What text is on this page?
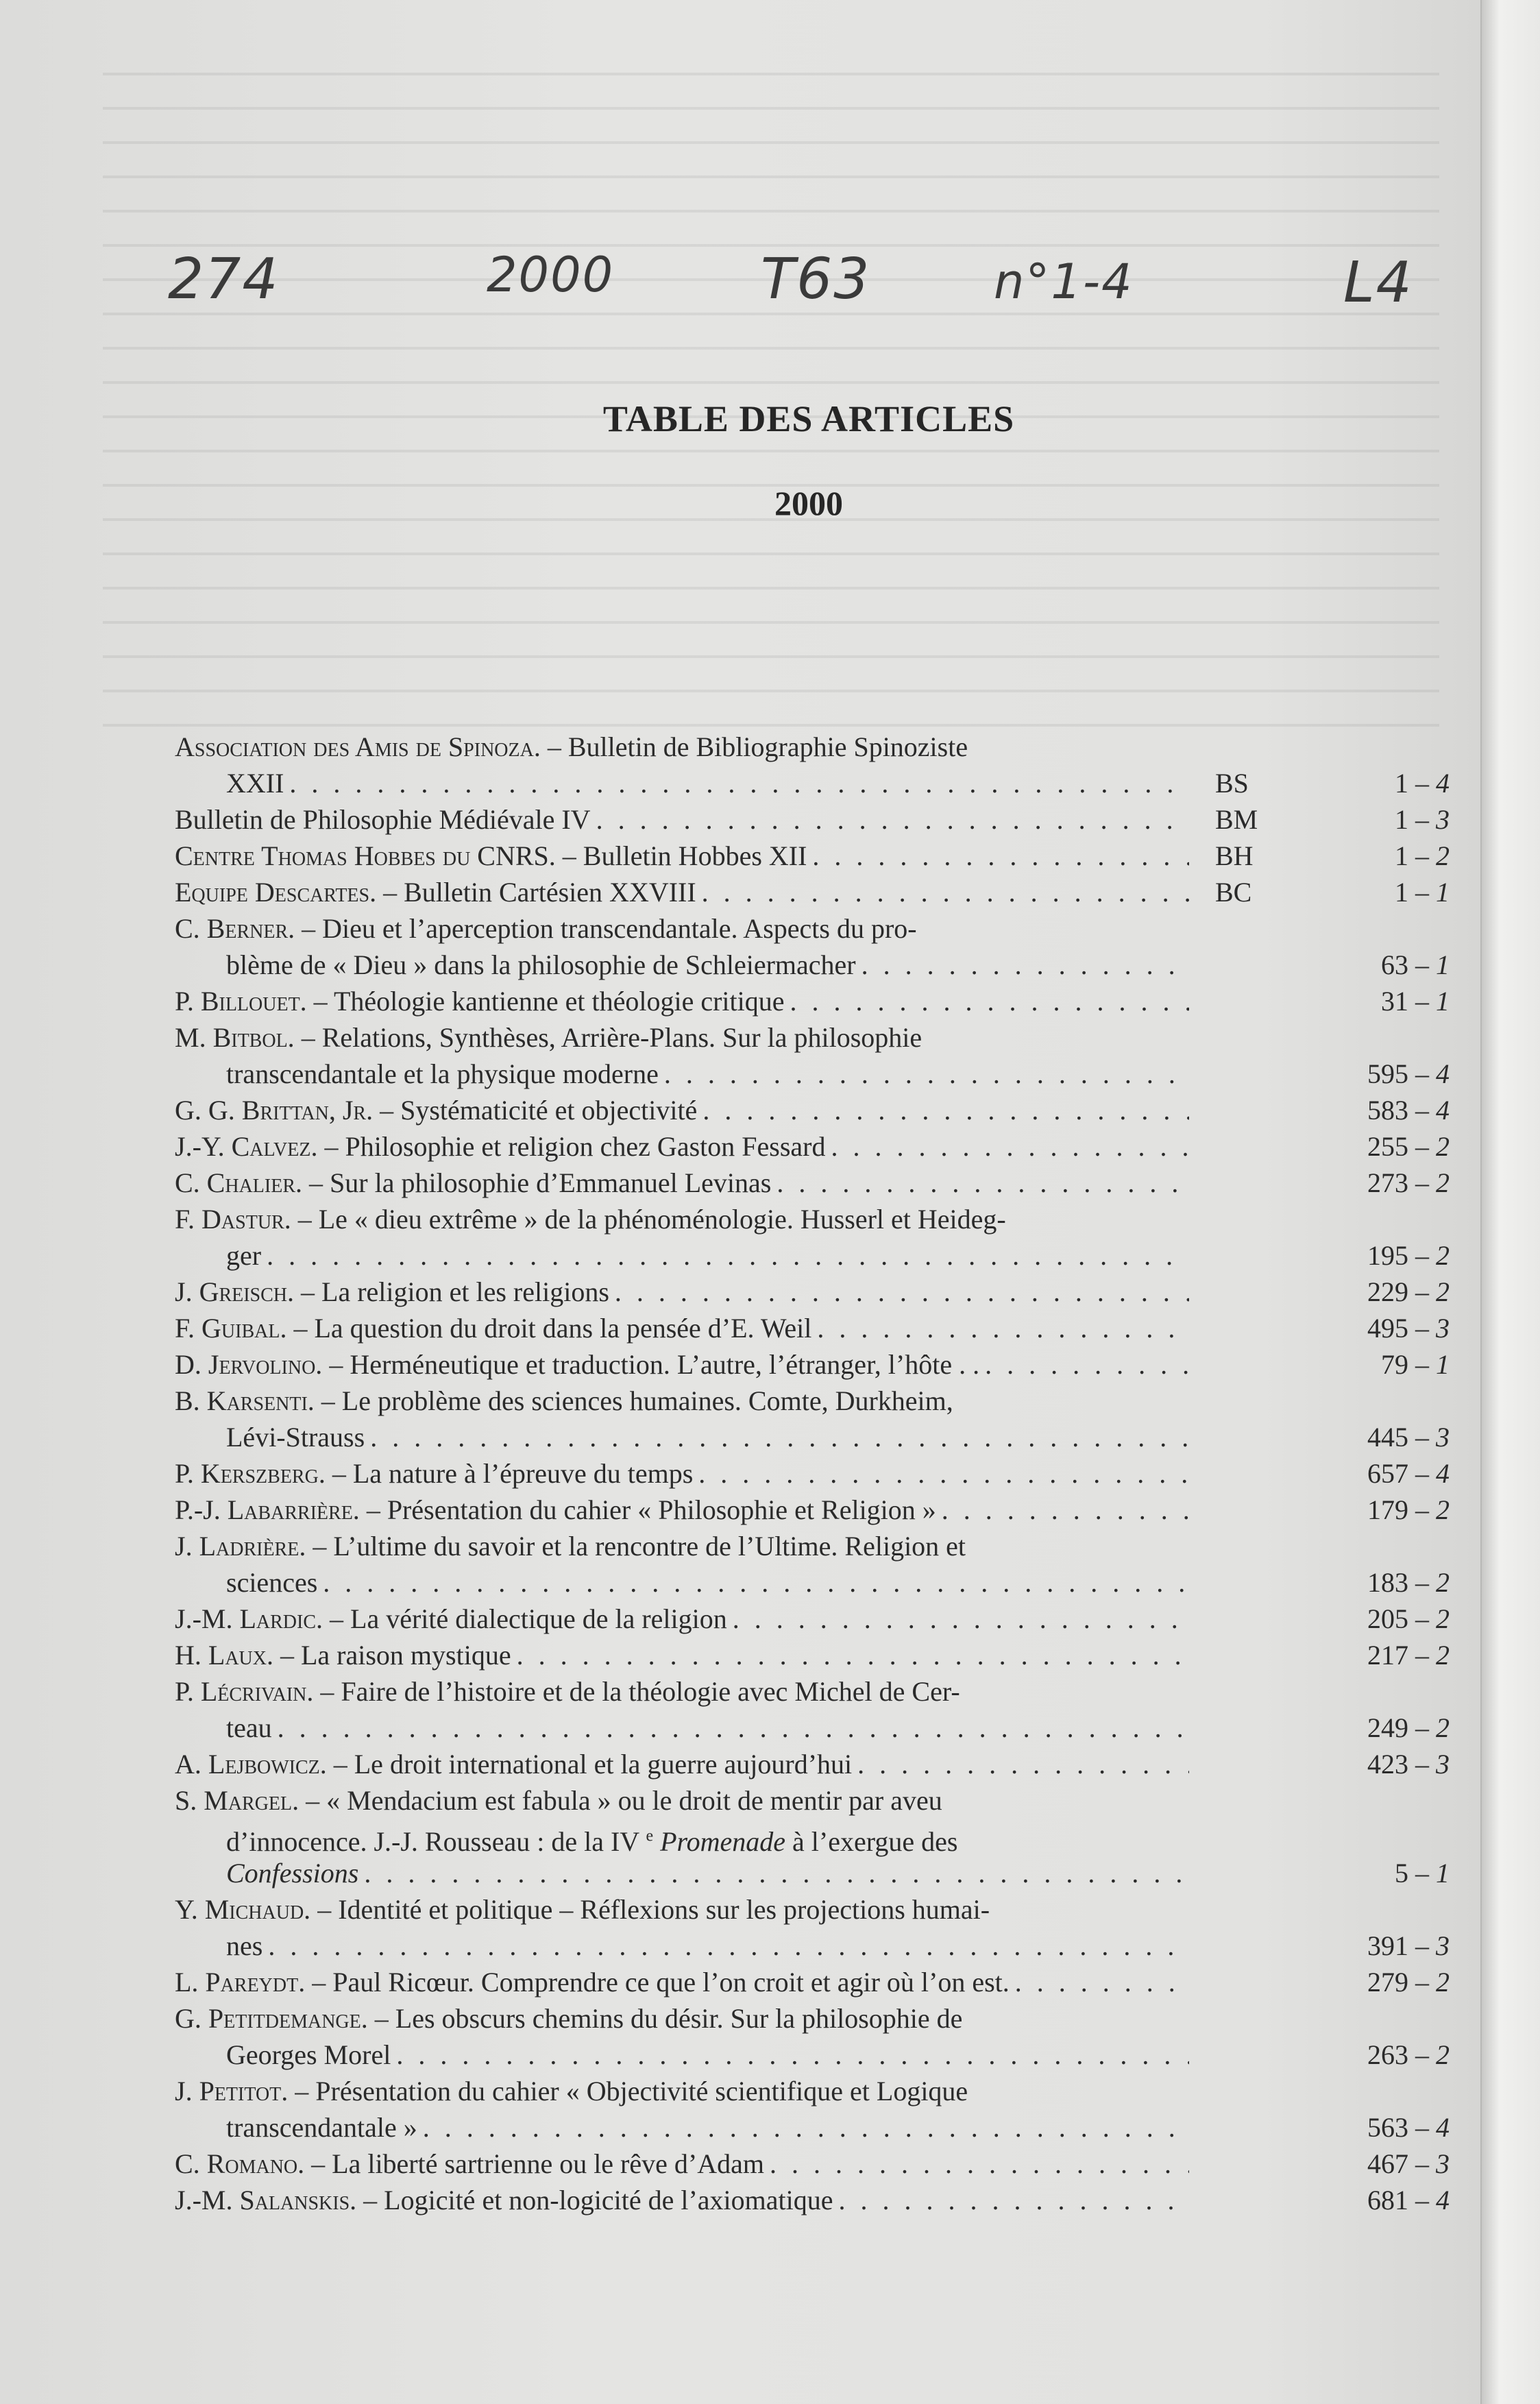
274	2000	T63	n°1-4	L4
TABLE DES ARTICLES
2000
Association des Amis de Spinoza. – Bulletin de Bibliographie Spinoziste
XXII . . .	BS	1 – 4
Bulletin de Philosophie Médiévale IV . . .	BM	1 – 3
Centre Thomas Hobbes du CNRS. – Bulletin Hobbes XII . . .	BH	1 – 2
Equipe Descartes. – Bulletin Cartésien XXVIII . . .	BC	1 – 1
C. Berner. – Dieu et l’aperception transcendantale. Aspects du pro-
blème de « Dieu » dans la philosophie de Schleiermacher . . .	63 – 1
P. Billouet. – Théologie kantienne et théologie critique . . .	31 – 1
M. Bitbol. – Relations, Synthèses, Arrière-Plans. Sur la philosophie
transcendantale et la physique moderne . . .	595 – 4
G. G. Brittan, Jr. – Systématicité et objectivité . . .	583 – 4
J.-Y. Calvez. – Philosophie et religion chez Gaston Fessard . . .	255 – 2
C. Chalier. – Sur la philosophie d’Emmanuel Levinas . . .	273 – 2
F. Dastur. – Le « dieu extrême » de la phénoménologie. Husserl et Heideg-
ger . . .	195 – 2
J. Greisch. – La religion et les religions . . .	229 – 2
F. Guibal. – La question du droit dans la pensée d’E. Weil . . .	495 – 3
D. Jervolino. – Herméneutique et traduction. L’autre, l’étranger, l’hôte . . . . .	79 – 1
B. Karsenti. – Le problème des sciences humaines. Comte, Durkheim,
Lévi-Strauss . . .	445 – 3
P. Kerszberg. – La nature à l’épreuve du temps . . .	657 – 4
P.-J. Labarrière. – Présentation du cahier « Philosophie et Religion » . . .	179 – 2
J. Ladrière. – L’ultime du savoir et la rencontre de l’Ultime. Religion et
sciences . . .	183 – 2
J.-M. Lardic. – La vérité dialectique de la religion . . .	205 – 2
H. Laux. – La raison mystique . . .	217 – 2
P. Lécrivain. – Faire de l’histoire et de la théologie avec Michel de Cer-
teau . . .	249 – 2
A. Lejbowicz. – Le droit international et la guerre aujourd’hui . . .	423 – 3
S. Margel. – « Mendacium est fabula » ou le droit de mentir par aveu
d’innocence. J.-J. Rousseau : de la IV $^e$ Promenade à l’exergue des
Confessions . . .	5 – 1
Y. Michaud. – Identité et politique – Réflexions sur les projections humai-
nes . . .	391 – 3
L. Pareydt. – Paul Ricœur. Comprendre ce que l’on croit et agir où l’on est. . . .	279 – 2
G. Petitdemange. – Les obscurs chemins du désir. Sur la philosophie de
Georges Morel . . .	263 – 2
J. Petitot. – Présentation du cahier « Objectivité scientifique et Logique
transcendantale » . . .	563 – 4
C. Romano. – La liberté sartrienne ou le rêve d’Adam . . .	467 – 3
J.-M. Salanskis. – Logicité et non-logicité de l’axiomatique . . .	681 – 4
